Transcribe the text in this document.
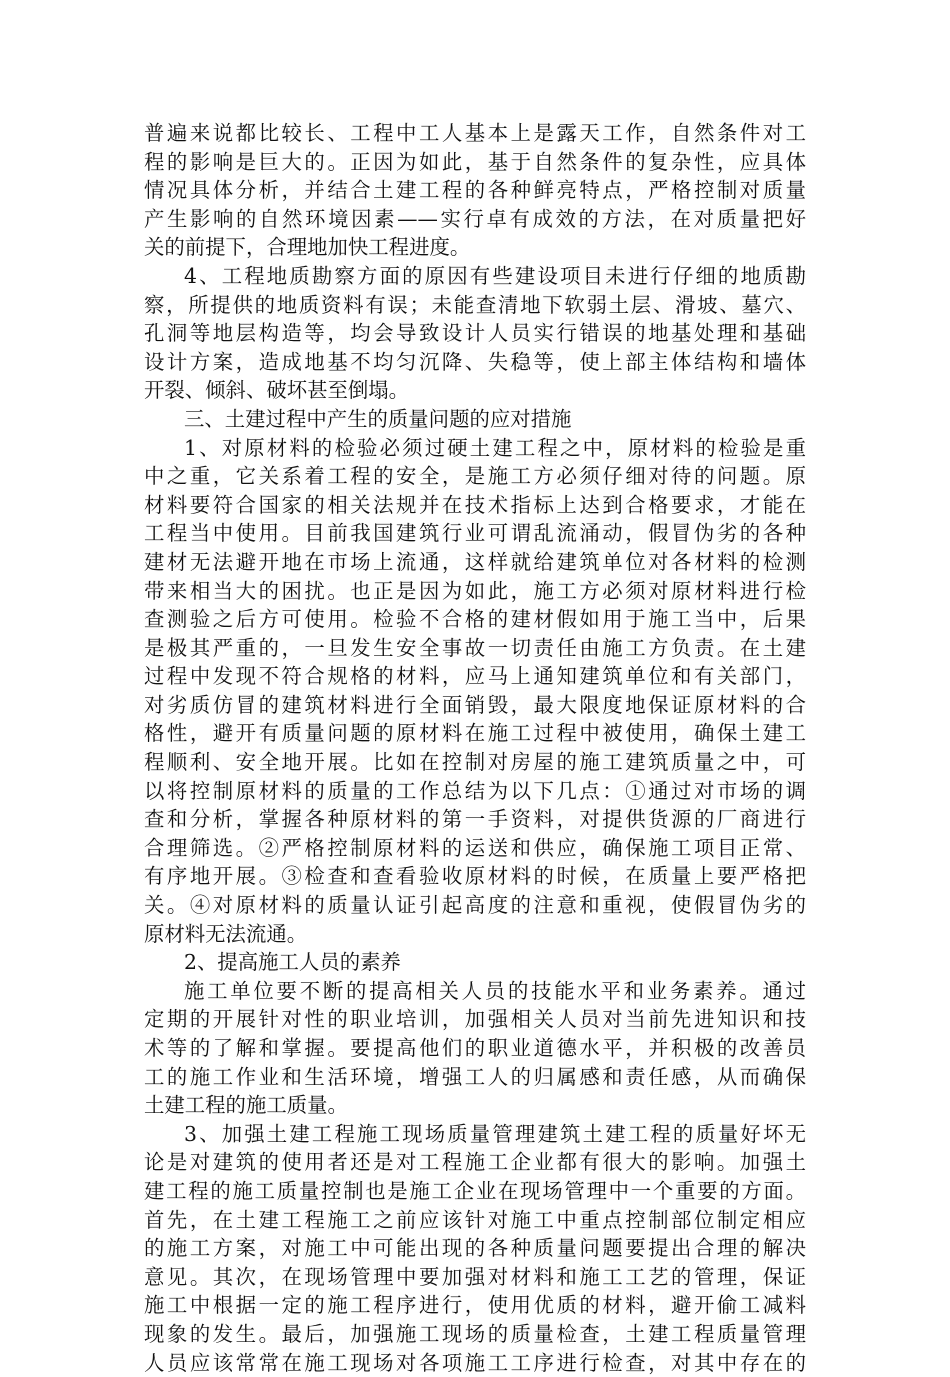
普遍来说都比较长、工程中工人基本上是露天工作，自然条件对工
程的影响是巨大的。正因为如此，基于自然条件的复杂性，应具体
情况具体分析，并结合土建工程的各种鲜亮特点，严格控制对质量
产生影响的自然环境因素——实行卓有成效的方法，在对质量把好
关的前提下，合理地加快工程进度。
4、工程地质勘察方面的原因有些建设项目未进行仔细的地质勘
察，所提供的地质资料有误；未能查清地下软弱土层、滑坡、墓穴、
孔洞等地层构造等，均会导致设计人员实行错误的地基处理和基础
设计方案，造成地基不均匀沉降、失稳等，使上部主体结构和墙体
开裂、倾斜、破坏甚至倒塌。
三、土建过程中产生的质量问题的应对措施
1、对原材料的检验必须过硬土建工程之中，原材料的检验是重
中之重，它关系着工程的安全，是施工方必须仔细对待的问题。原
材料要符合国家的相关法规并在技术指标上达到合格要求，才能在
工程当中使用。目前我国建筑行业可谓乱流涌动，假冒伪劣的各种
建材无法避开地在市场上流通，这样就给建筑单位对各材料的检测
带来相当大的困扰。也正是因为如此，施工方必须对原材料进行检
查测验之后方可使用。检验不合格的建材假如用于施工当中，后果
是极其严重的，一旦发生安全事故一切责任由施工方负责。在土建
过程中发现不符合规格的材料，应马上通知建筑单位和有关部门，
对劣质仿冒的建筑材料进行全面销毁，最大限度地保证原材料的合
格性，避开有质量问题的原材料在施工过程中被使用，确保土建工
程顺利、安全地开展。比如在控制对房屋的施工建筑质量之中，可
以将控制原材料的质量的工作总结为以下几点：①通过对市场的调
查和分析，掌握各种原材料的第一手资料，对提供货源的厂商进行
合理筛选。②严格控制原材料的运送和供应，确保施工项目正常、
有序地开展。③检查和查看验收原材料的时候，在质量上要严格把
关。④对原材料的质量认证引起高度的注意和重视，使假冒伪劣的
原材料无法流通。
2、提高施工人员的素养
施工单位要不断的提高相关人员的技能水平和业务素养。通过
定期的开展针对性的职业培训，加强相关人员对当前先进知识和技
术等的了解和掌握。要提高他们的职业道德水平，并积极的改善员
工的施工作业和生活环境，增强工人的归属感和责任感，从而确保
土建工程的施工质量。
3、加强土建工程施工现场质量管理建筑土建工程的质量好坏无
论是对建筑的使用者还是对工程施工企业都有很大的影响。加强土
建工程的施工质量控制也是施工企业在现场管理中一个重要的方面。
首先，在土建工程施工之前应该针对施工中重点控制部位制定相应
的施工方案，对施工中可能出现的各种质量问题要提出合理的解决
意见。其次，在现场管理中要加强对材料和施工工艺的管理，保证
施工中根据一定的施工程序进行，使用优质的材料，避开偷工减料
现象的发生。最后，加强施工现场的质量检查，土建工程质量管理
人员应该常常在施工现场对各项施工工序进行检查，对其中存在的
